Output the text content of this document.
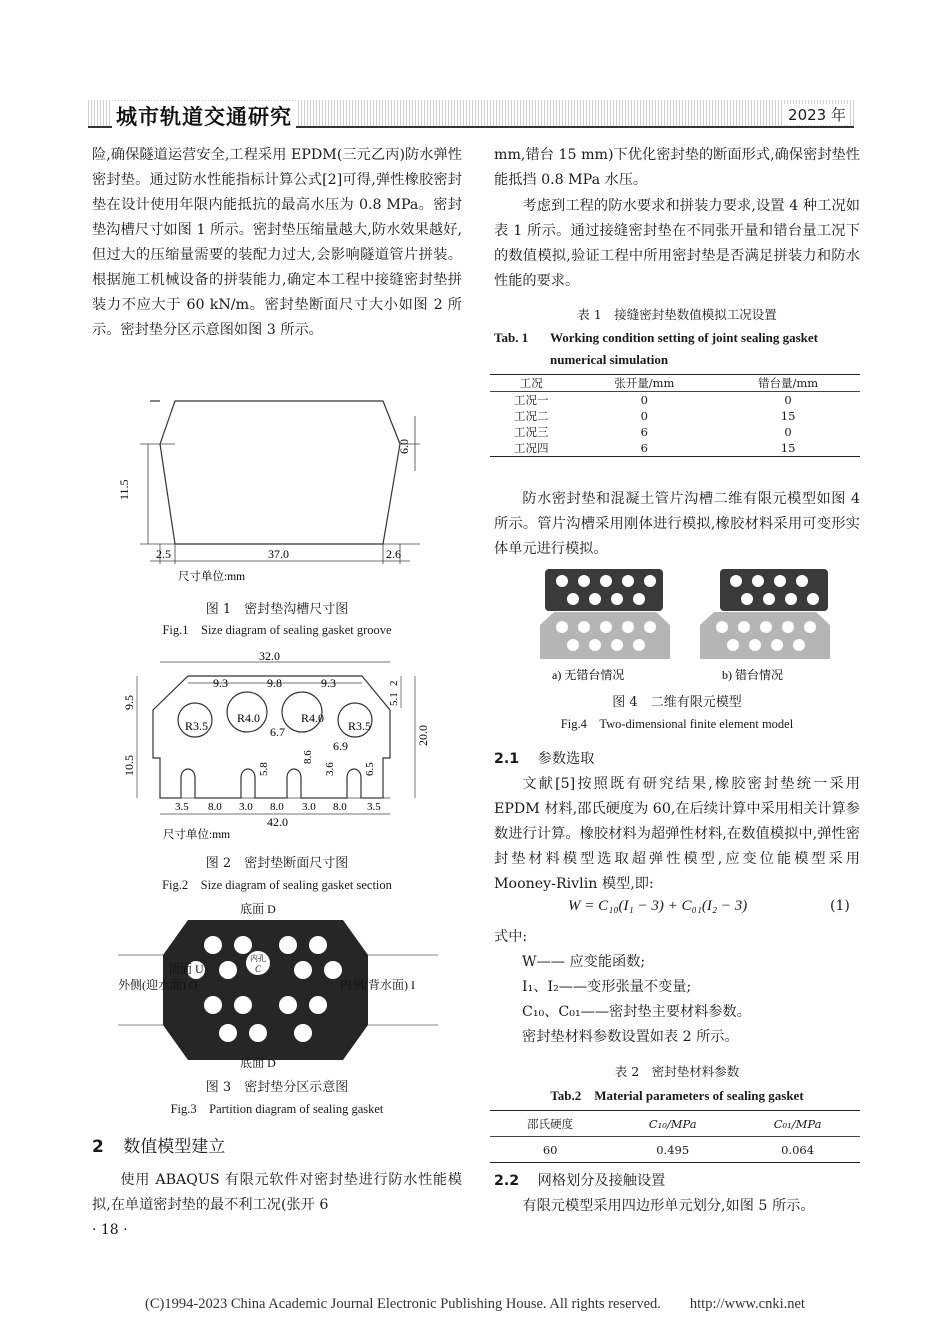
城市轨道交通研究	2023 年

险,确保隧道运营安全,工程采用 EPDM(三元乙丙)防水弹性密封垫。通过防水性能指标计算公式[2]可得,弹性橡胶密封垫在设计使用年限内能抵抗的最高水压为 0.8 MPa。密封垫沟槽尺寸如图 1 所示。密封垫压缩量越大,防水效果越好,但过大的压缩量需要的装配力过大,会影响隧道管片拼装。根据施工机械设备的拼装能力,确定本工程中接缝密封垫拼装力不应大于 60 kN/m。密封垫断面尺寸大小如图 2 所示。密封垫分区示意图如图 3 所示。

11.5
6.0
2.5	37.0	2.6
尺寸单位:mm
图 1　密封垫沟槽尺寸图
Fig.1　Size diagram of sealing gasket groove
32.0
9.3	9.8	9.3
5.1
2
R3.5
R4.0	R4.0
R3.5
6.7
6.9
5.8
8.6
3.6	6.5
9.5
10.5
20.0
3.5 8.0 3.0 8.0 3.0 8.0 3.5
42.0
尺寸单位:mm
图 2　密封垫断面尺寸图
Fig.2　Size diagram of sealing gasket section
底面 D
底面 D
顶面 U
外侧(迎水面) O	内侧(背水面) I
内孔
C
图 3　密封垫分区示意图
Fig.3　Partition diagram of sealing gasket
2 数值模型建立

使用 ABAQUS 有限元软件对密封垫进行防水性能模拟,在单道密封垫的最不利工况(张开 6

· 18 ·

mm,错台 15 mm)下优化密封垫的断面形式,确保密封垫性能抵挡 0.8 MPa 水压。

考虑到工程的防水要求和拼装力要求,设置 4 种工况如表 1 所示。通过接缝密封垫在不同张开量和错台量工况下的数值模拟,验证工程中所用密封垫是否满足拼装力和防水性能的要求。

表 1　接缝密封垫数值模拟工况设置
Tab. 1 Working condition setting of joint sealing gasket numerical simulation
工况	张开量/mm	错台量/mm
工况一	0	0
工况二	0	15
工况三	6	0
工况四	6	15

防水密封垫和混凝土管片沟槽二维有限元模型如图 4 所示。管片沟槽采用刚体进行模拟,橡胶材料采用可变形实体单元进行模拟。

a) 无错台情况	b) 错台情况
图 4　二维有限元模型
Fig.4　Two-dimensional finite element model
2.1 参数选取

文献[5]按照既有研究结果,橡胶密封垫统一采用 EPDM 材料,邵氏硬度为 60,在后续计算中采用相关计算参数进行计算。橡胶材料为超弹性材料,在数值模拟中,弹性密封垫材料模型选取超弹性模型,应变位能模型采用 Mooney-Rivlin 模型,即:

W = C₁₀(I₁ − 3) + C₀₁(I₂ − 3)	(1)
式中:
W—— 应变能函数;
I₁、I₂——变形张量不变量;
C₁₀、C₀₁——密封垫主要材料参数。
密封垫材料参数设置如表 2 所示。
表 2　密封垫材料参数
Tab.2　Material parameters of sealing gasket
邵氏硬度	C₁₀/MPa	C₀₁/MPa
60	0.495	0.064
2.2 网格划分及接触设置

有限元模型采用四边形单元划分,如图 5 所示。

(C)1994-2023 China Academic Journal Electronic Publishing House. All rights reserved.　　http://www.cnki.net
